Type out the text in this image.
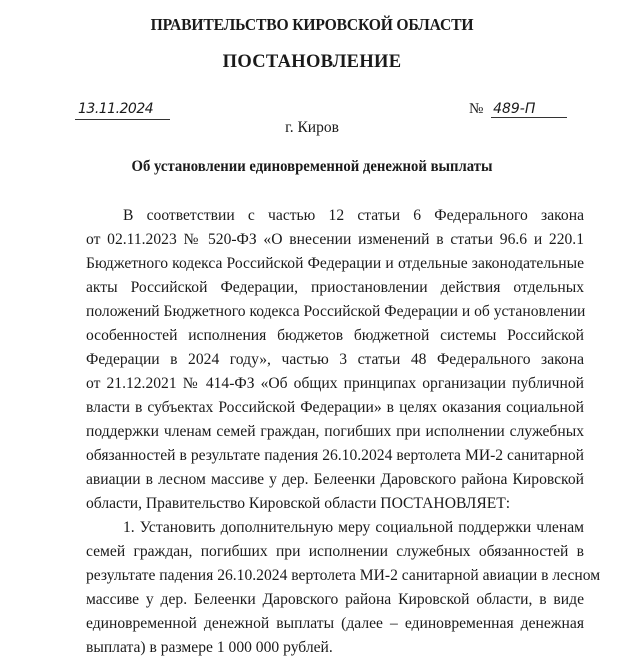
ПРАВИТЕЛЬСТВО КИРОВСКОЙ ОБЛАСТИ
ПОСТАНОВЛЕНИЕ
13.11.2024	№ 489-П
г. Киров
Об установлении единовременной денежной выплаты
В соответствии с частью 12 статьи 6 Федерального закона
от 02.11.2023 № 520-ФЗ «О внесении изменений в статьи 96.6 и 220.1
Бюджетного кодекса Российской Федерации и отдельные законодательные
акты Российской Федерации, приостановлении действия отдельных
положений Бюджетного кодекса Российской Федерации и об установлении
особенностей исполнения бюджетов бюджетной системы Российской
Федерации в 2024 году», частью 3 статьи 48 Федерального закона
от 21.12.2021 № 414-ФЗ «Об общих принципах организации публичной
власти в субъектах Российской Федерации» в целях оказания социальной
поддержки членам семей граждан, погибших при исполнении служебных
обязанностей в результате падения 26.10.2024 вертолета МИ-2 санитарной
авиации в лесном массиве у дер. Белеенки Даровского района Кировской
области, Правительство Кировской области ПОСТАНОВЛЯЕТ:
1. Установить дополнительную меру социальной поддержки членам
семей граждан, погибших при исполнении служебных обязанностей в
результате падения 26.10.2024 вертолета МИ-2 санитарной авиации в лесном
массиве у дер. Белеенки Даровского района Кировской области, в виде
единовременной денежной выплаты (далее – единовременная денежная
выплата) в размере 1 000 000 рублей.
